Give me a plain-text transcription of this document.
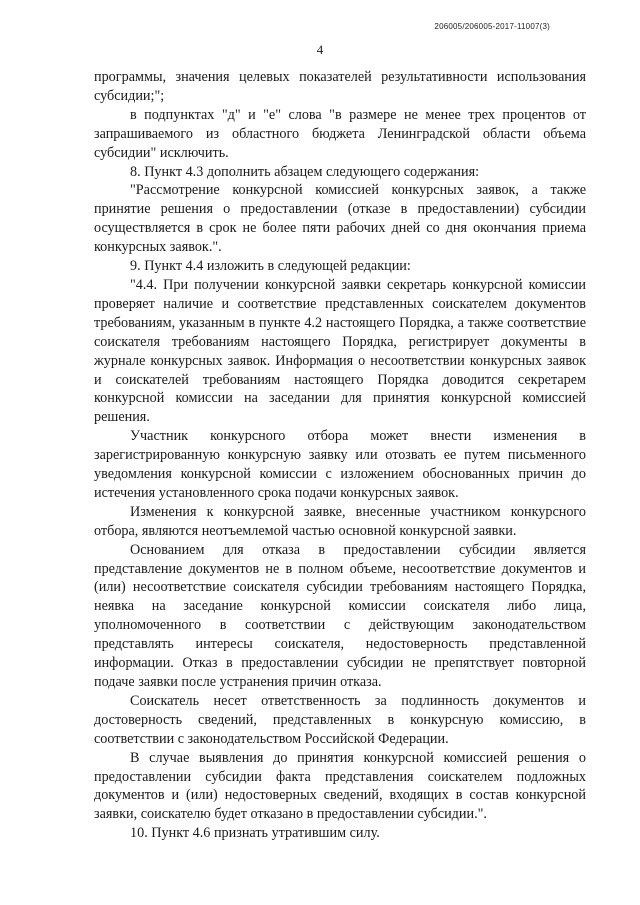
206005/206005-2017-11007(3)
4

программы, значения целевых показателей результативности использования субсидии;";

в подпунктах "д" и "е" слова "в размере не менее трех процентов от запрашиваемого из областного бюджета Ленинградской области объема субсидии" исключить.

8. Пункт 4.3 дополнить абзацем следующего содержания:

"Рассмотрение конкурсной комиссией конкурсных заявок, а также принятие решения о предоставлении (отказе в предоставлении) субсидии осуществляется в срок не более пяти рабочих дней со дня окончания приема конкурсных заявок.".

9. Пункт 4.4 изложить в следующей редакции:

"4.4. При получении конкурсной заявки секретарь конкурсной комиссии проверяет наличие и соответствие представленных соискателем документов требованиям, указанным в пункте 4.2 настоящего Порядка, а также соответствие соискателя требованиям настоящего Порядка, регистрирует документы в журнале конкурсных заявок. Информация о несоответствии конкурсных заявок и соискателей требованиям настоящего Порядка доводится секретарем конкурсной комиссии на заседании для принятия конкурсной комиссией решения.

Участник конкурсного отбора может внести изменения в зарегистрированную конкурсную заявку или отозвать ее путем письменного уведомления конкурсной комиссии с изложением обоснованных причин до истечения установленного срока подачи конкурсных заявок.

Изменения к конкурсной заявке, внесенные участником конкурсного отбора, являются неотъемлемой частью основной конкурсной заявки.

Основанием для отказа в предоставлении субсидии является представление документов не в полном объеме, несоответствие документов и (или) несоответствие соискателя субсидии требованиям настоящего Порядка, неявка на заседание конкурсной комиссии соискателя либо лица, уполномоченного в соответствии с действующим законодательством представлять интересы соискателя, недостоверность представленной информации. Отказ в предоставлении субсидии не препятствует повторной подаче заявки после устранения причин отказа.

Соискатель несет ответственность за подлинность документов и достоверность сведений, представленных в конкурсную комиссию, в соответствии с законодательством Российской Федерации.

В случае выявления до принятия конкурсной комиссией решения о предоставлении субсидии факта представления соискателем подложных документов и (или) недостоверных сведений, входящих в состав конкурсной заявки, соискателю будет отказано в предоставлении субсидии.".

10. Пункт 4.6 признать утратившим силу.
